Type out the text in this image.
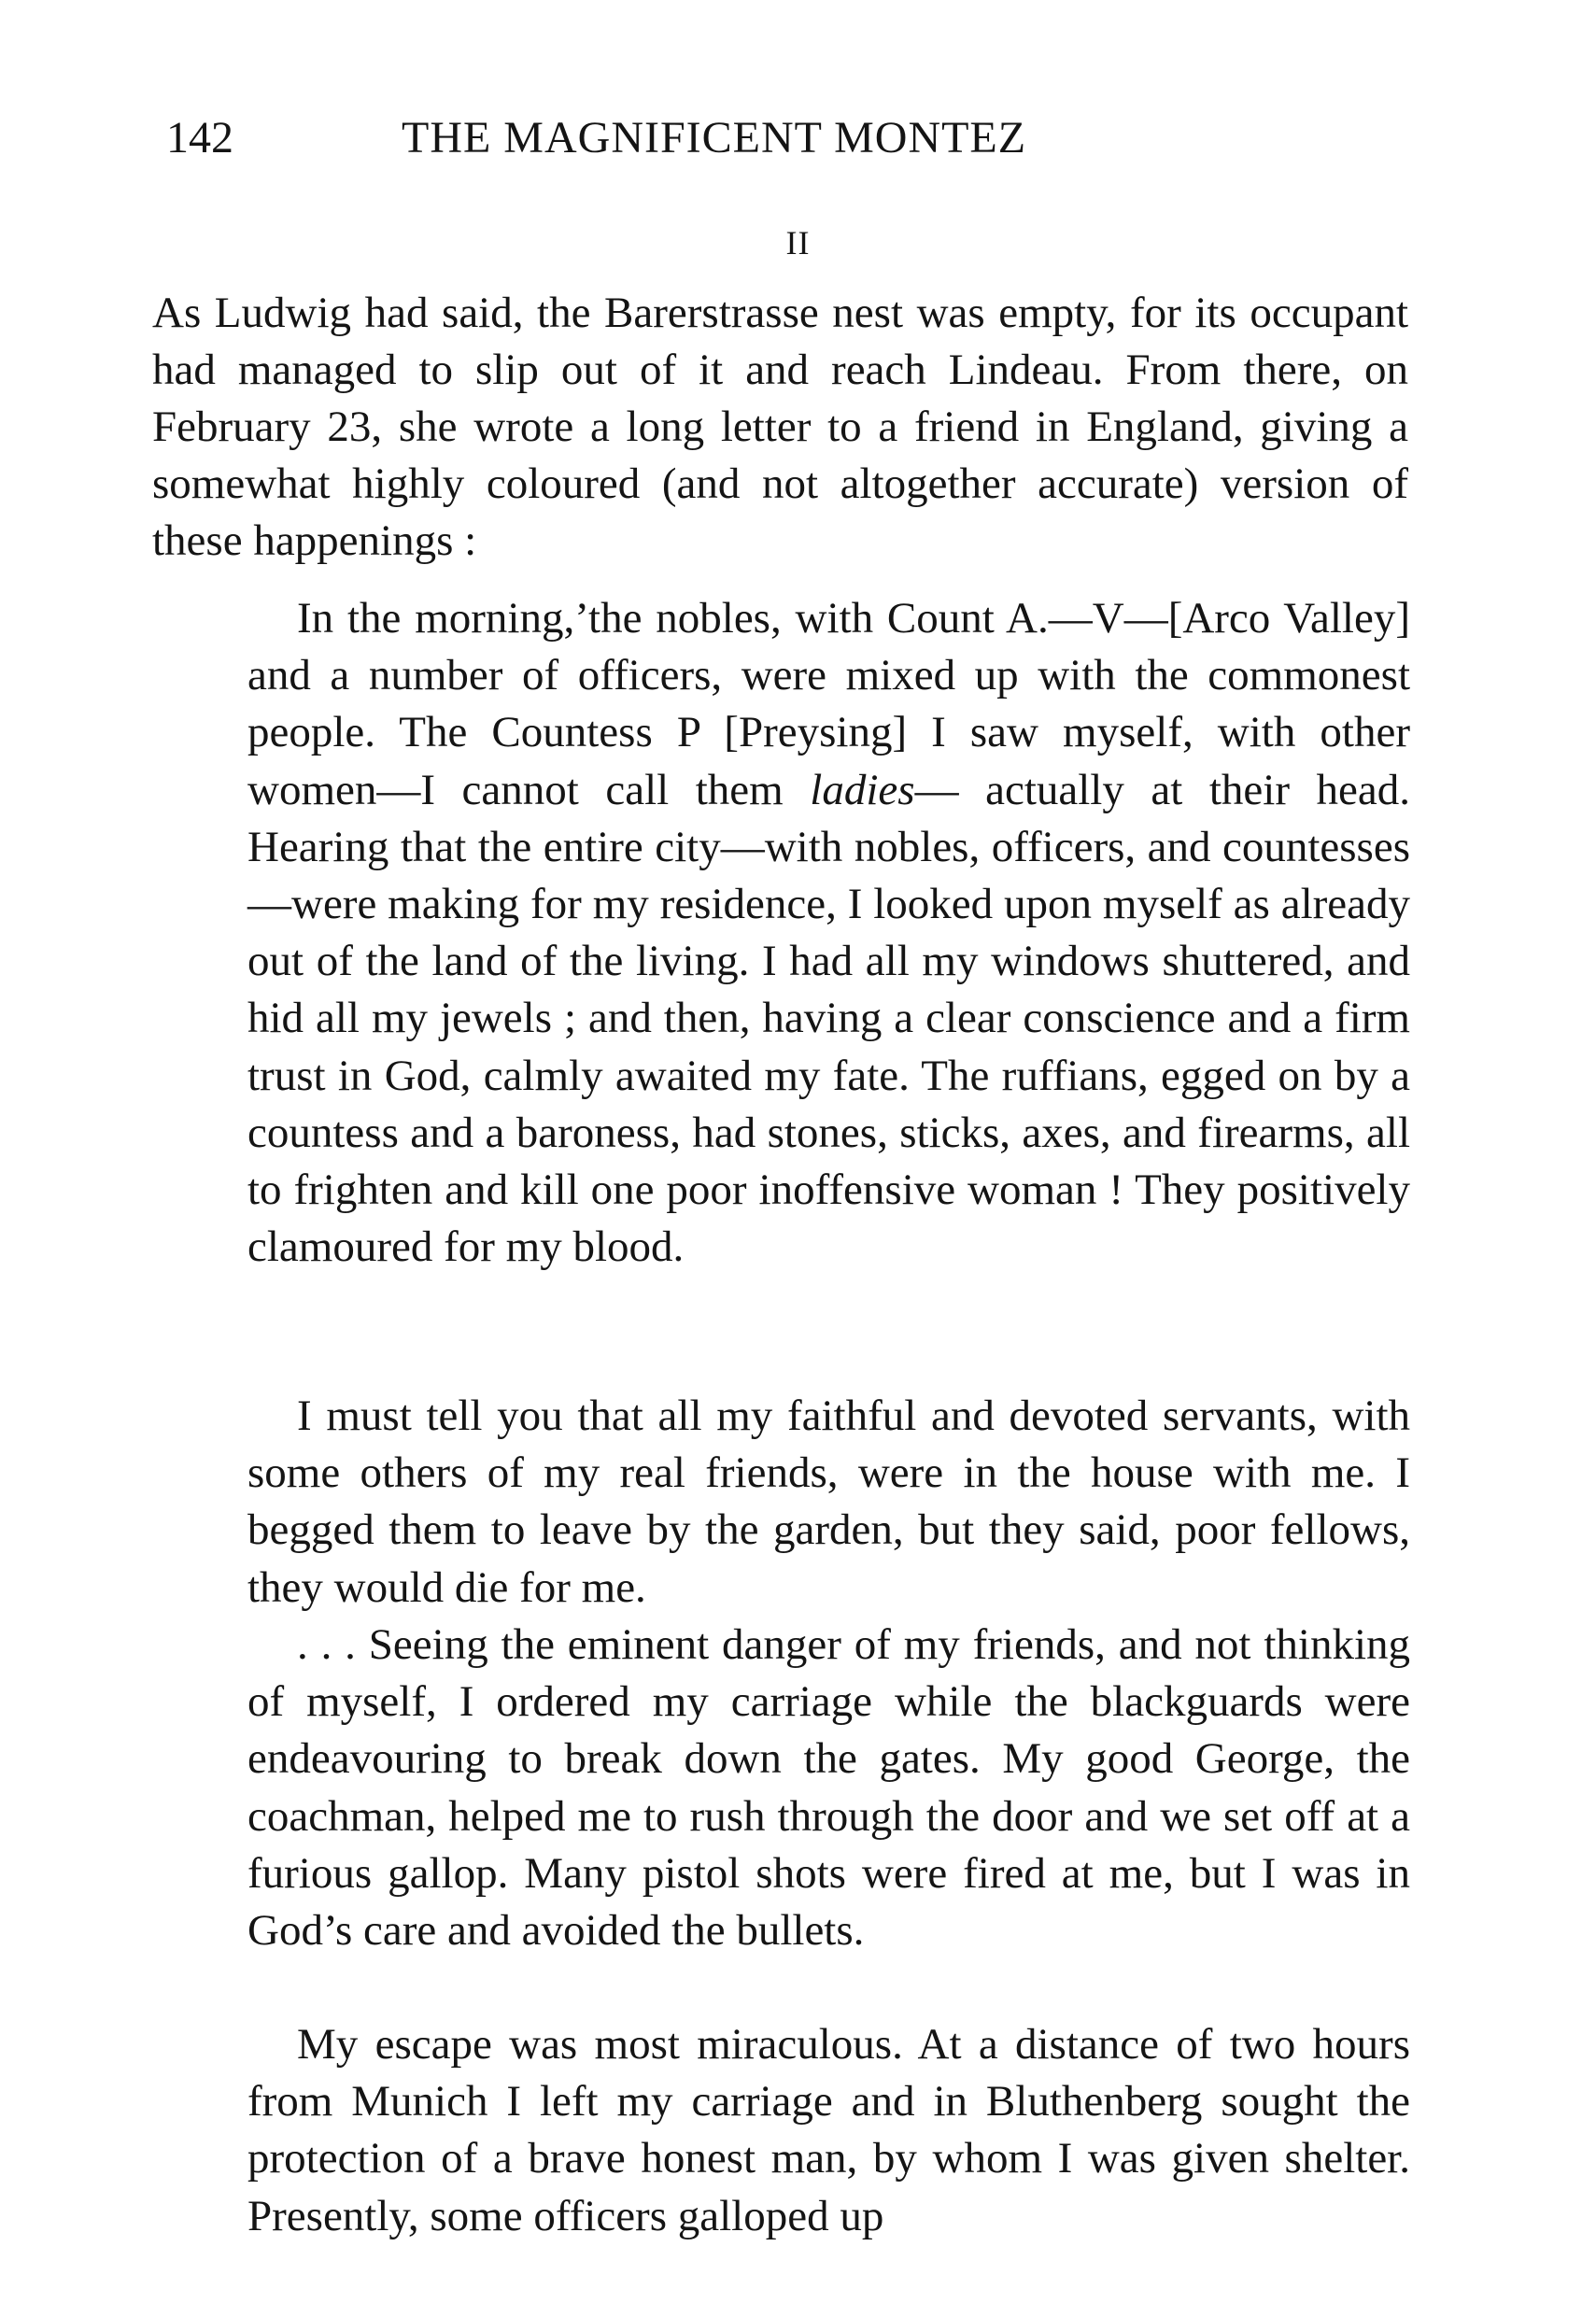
142	THE MAGNIFICENT MONTEZ
II

As Ludwig had said, the Barerstrasse nest was empty, for its occupant had managed to slip out of it and reach Lindeau. From there, on February 23, she wrote a long letter to a friend in England, giving a somewhat highly coloured (and not altogether accurate) version of these happenings :

In the morning,’the nobles, with Count A.—V—[Arco Valley] and a number of officers, were mixed up with the commonest people. The Countess P [Preysing] I saw myself, with other women—I cannot call them ladies— actually at their head. Hearing that the entire city—with nobles, officers, and countesses—were making for my residence, I looked upon myself as already out of the land of the living. I had all my windows shuttered, and hid all my jewels ; and then, having a clear conscience and a firm trust in God, calmly awaited my fate. The ruffians, egged on by a countess and a baroness, had stones, sticks, axes, and firearms, all to frighten and kill one poor inoffensive woman ! They positively clamoured for my blood.

I must tell you that all my faithful and devoted servants, with some others of my real friends, were in the house with me. I begged them to leave by the garden, but they said, poor fellows, they would die for me.

. . . Seeing the eminent danger of my friends, and not thinking of myself, I ordered my carriage while the blackguards were endeavouring to break down the gates. My good George, the coachman, helped me to rush through the door and we set off at a furious gallop. Many pistol shots were fired at me, but I was in God’s care and avoided the bullets.

My escape was most miraculous. At a distance of two hours from Munich I left my carriage and in Bluthenberg sought the protection of a brave honest man, by whom I was given shelter. Presently, some officers galloped up
